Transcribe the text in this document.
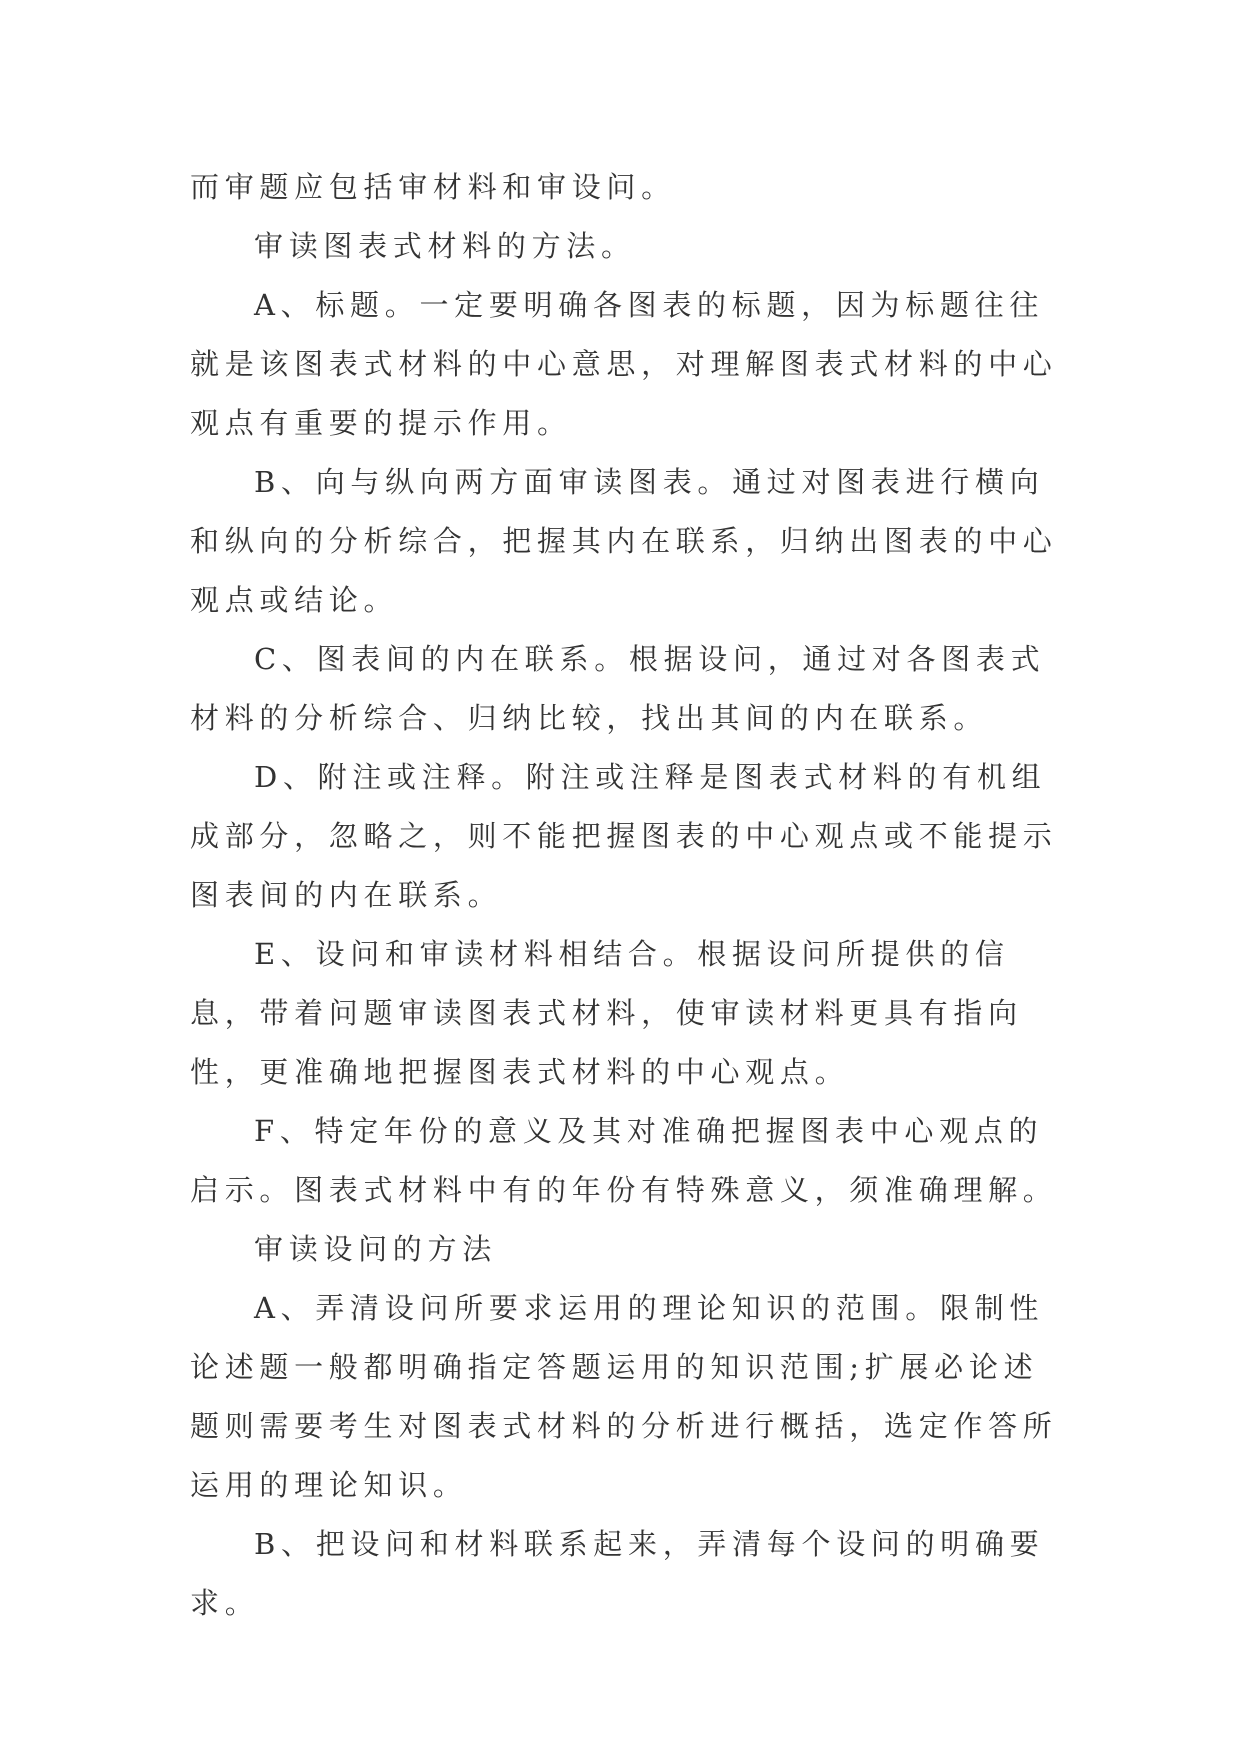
而审题应包括审材料和审设问。

审读图表式材料的方法。

A、标题。一定要明确各图表的标题，因为标题往往就是该图表式材料的中心意思，对理解图表式材料的中心观点有重要的提示作用。

B、向与纵向两方面审读图表。通过对图表进行横向和纵向的分析综合，把握其内在联系，归纳出图表的中心观点或结论。

C、图表间的内在联系。根据设问，通过对各图表式材料的分析综合、归纳比较，找出其间的内在联系。

D、附注或注释。附注或注释是图表式材料的有机组成部分，忽略之，则不能把握图表的中心观点或不能提示图表间的内在联系。

E、设问和审读材料相结合。根据设问所提供的信息，带着问题审读图表式材料，使审读材料更具有指向性，更准确地把握图表式材料的中心观点。

F、特定年份的意义及其对准确把握图表中心观点的启示。图表式材料中有的年份有特殊意义，须准确理解。

审读设问的方法

A、弄清设问所要求运用的理论知识的范围。限制性论述题一般都明确指定答题运用的知识范围;扩展必论述题则需要考生对图表式材料的分析进行概括，选定作答所运用的理论知识。

B、把设问和材料联系起来，弄清每个设问的明确要求。
